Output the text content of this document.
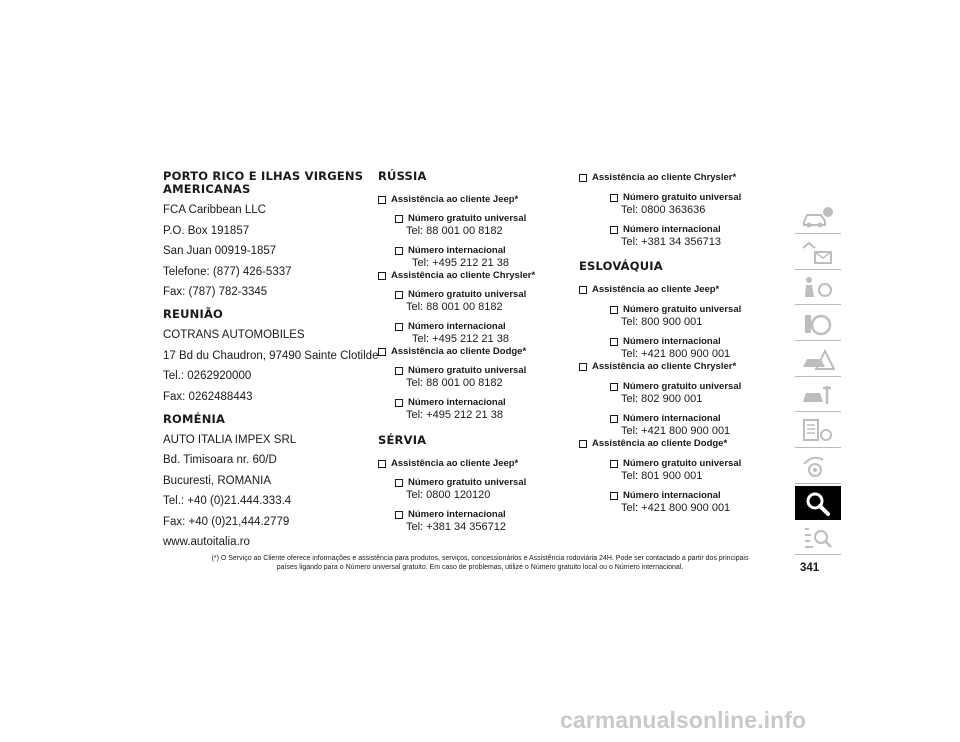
PORTO RICO E ILHAS VIRGENS AMERICANAS
FCA Caribbean LLC
P.O. Box 191857
San Juan 00919-1857
Telefone: (877) 426-5337
Fax: (787) 782-3345
REUNIÃO
COTRANS AUTOMOBILES
17 Bd du Chaudron, 97490 Sainte Clotilde
Tel.: 0262920000
Fax: 0262488443
ROMÉNIA
AUTO ITALIA IMPEX SRL
Bd. Timisoara nr. 60/D
Bucuresti, ROMANIA
Tel.: +40 (0)21.444.333.4
Fax: +40 (0)21,444.2779
www.autoitalia.ro
RÚSSIA
Assistência ao cliente Jeep*
Número gratuito universal
Tel: 88 001 00 8182
Número internacional
Tel: +495 212 21 38
Assistência ao cliente Chrysler*
Número gratuito universal
Tel: 88 001 00 8182
Número internacional
Tel: +495 212 21 38
Assistência ao cliente Dodge*
Número gratuito universal
Tel: 88 001 00 8182
Número internacional
Tel: +495 212 21 38
SÉRVIA
Assistência ao cliente Jeep*
Número gratuito universal
Tel: 0800 120120
Número internacional
Tel: +381 34 356712
Assistência ao cliente Chrysler*
Número gratuito universal
Tel: 0800 363636
Número internacional
Tel: +381 34 356713
ESLOVÁQUIA
Assistência ao cliente Jeep*
Número gratuito universal
Tel: 800 900 001
Número internacional
Tel: +421 800 900 001
Assistência ao cliente Chrysler*
Número gratuito universal
Tel: 802 900 001
Número internacional
Tel: +421 800 900 001
Assistência ao cliente Dodge*
Número gratuito universal
Tel: 801 900 001
Número internacional
Tel: +421 800 900 001
(*) O Serviço ao Cliente oferece informações e assistência para produtos, serviços, concessionários e Assistência rodoviária 24H. Pode ser contactado a partir dos principais
países ligando para o Número universal gratuito. Em caso de problemas, utilize o Número gratuito local ou o Número internacional.	341
carmanualsonline.info
